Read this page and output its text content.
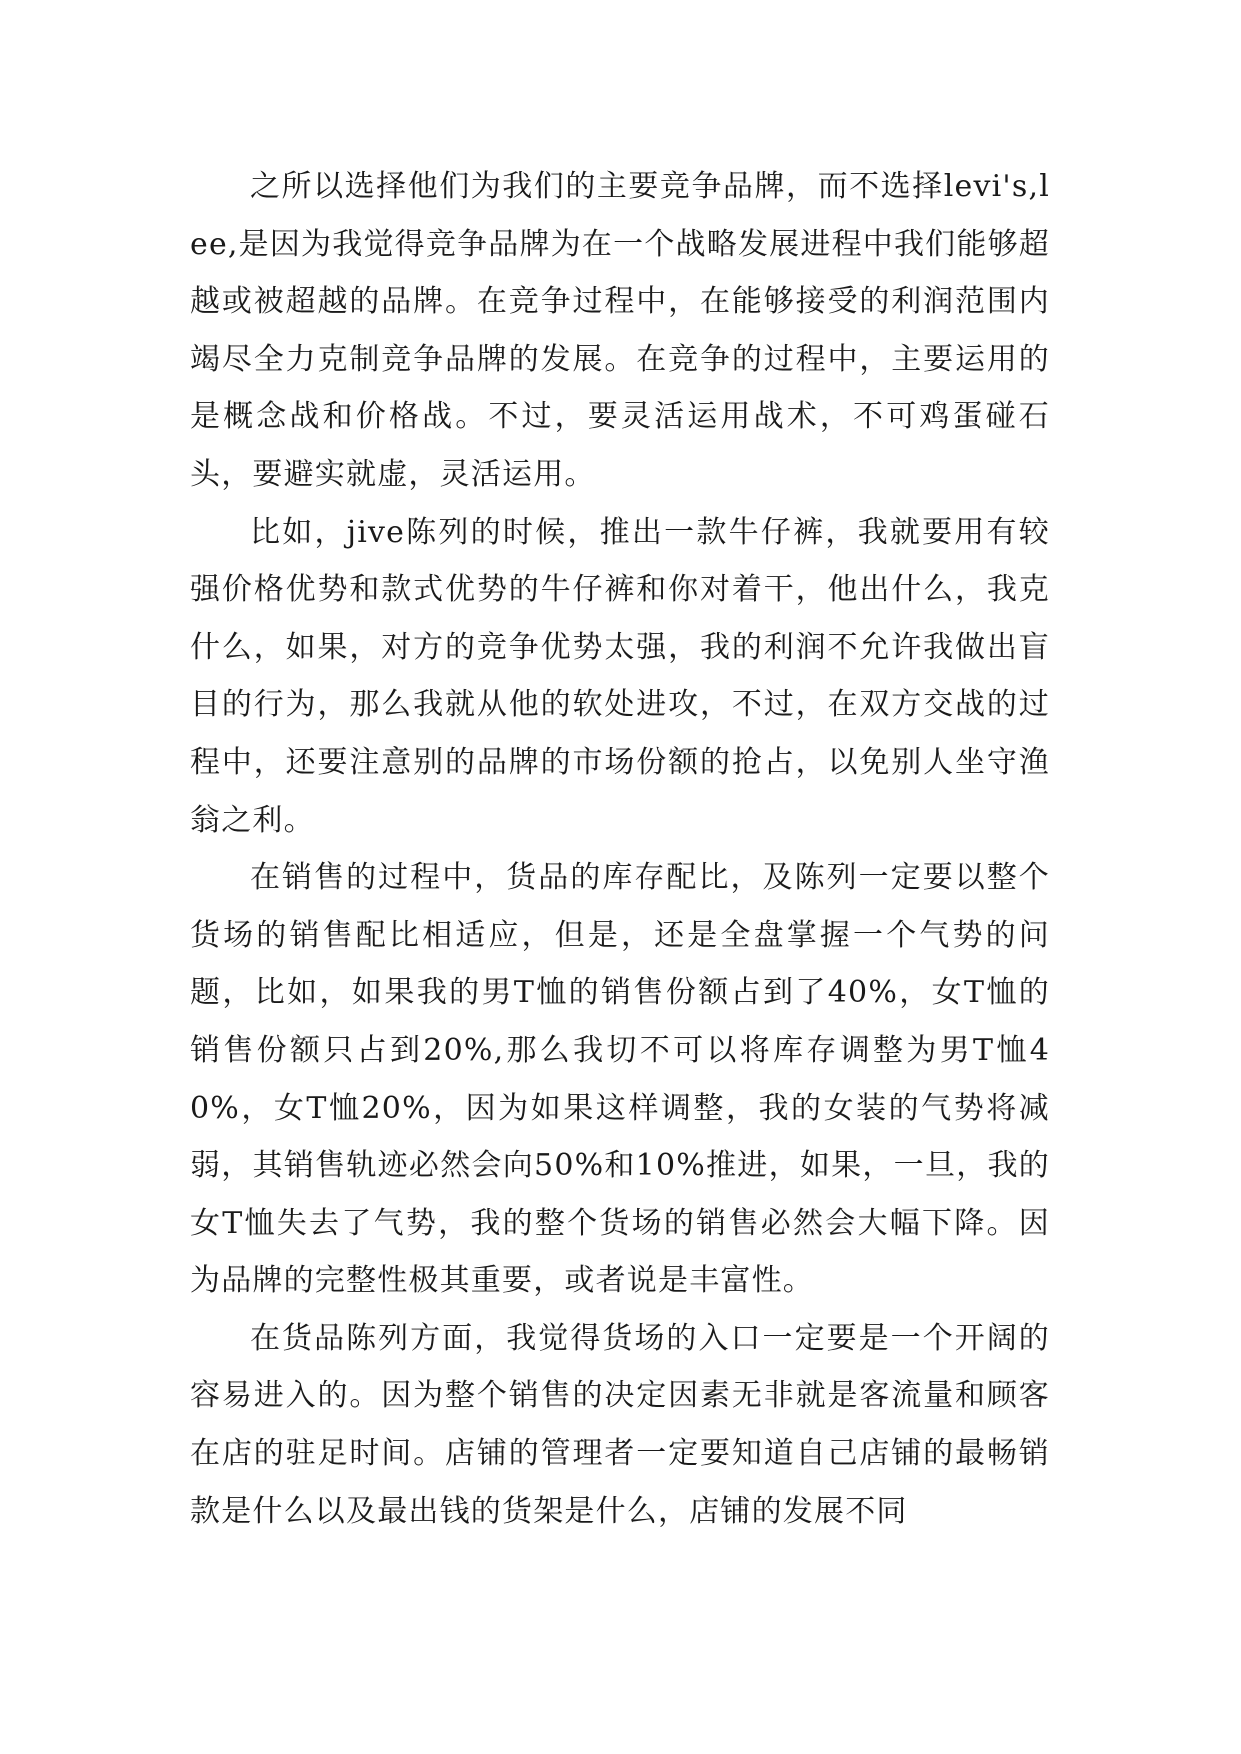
之所以选择他们为我们的主要竞争品牌，而不选择levi's,lee,是因为我觉得竞争品牌为在一个战略发展进程中我们能够超越或被超越的品牌。在竞争过程中，在能够接受的利润范围内竭尽全力克制竞争品牌的发展。在竞争的过程中，主要运用的是概念战和价格战。不过，要灵活运用战术，不可鸡蛋碰石头，要避实就虚，灵活运用。

比如，jive陈列的时候，推出一款牛仔裤，我就要用有较强价格优势和款式优势的牛仔裤和你对着干，他出什么，我克什么，如果，对方的竞争优势太强，我的利润不允许我做出盲目的行为，那么我就从他的软处进攻，不过，在双方交战的过程中，还要注意别的品牌的市场份额的抢占，以免别人坐守渔翁之利。

在销售的过程中，货品的库存配比，及陈列一定要以整个货场的销售配比相适应，但是，还是全盘掌握一个气势的问题，比如，如果我的男T恤的销售份额占到了40%，女T恤的销售份额只占到20%,那么我切不可以将库存调整为男T恤40%，女T恤20%，因为如果这样调整，我的女装的气势将减弱，其销售轨迹必然会向50%和10%推进，如果，一旦，我的女T恤失去了气势，我的整个货场的销售必然会大幅下降。因为品牌的完整性极其重要，或者说是丰富性。

在货品陈列方面，我觉得货场的入口一定要是一个开阔的容易进入的。因为整个销售的决定因素无非就是客流量和顾客在店的驻足时间。店铺的管理者一定要知道自己店铺的最畅销款是什么以及最出钱的货架是什么，店铺的发展不同
